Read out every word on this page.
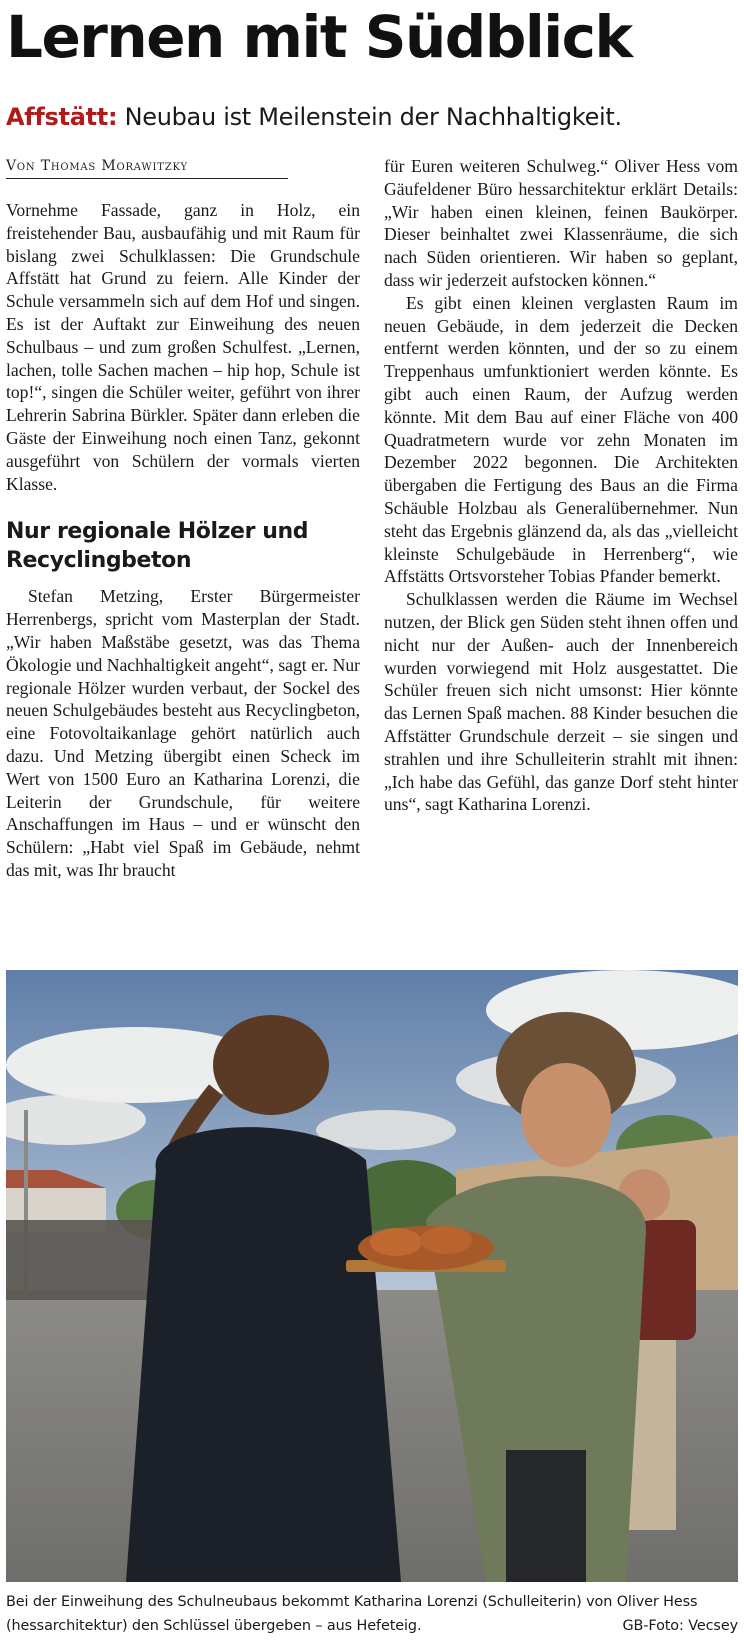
Lernen mit Südblick
Affstätt: Neubau ist Meilenstein der Nachhaltigkeit.
Von Thomas Morawitzky

Vornehme Fassade, ganz in Holz, ein freistehender Bau, ausbaufähig und mit Raum für bislang zwei Schulklassen: Die Grundschule Affstätt hat Grund zu feiern. Alle Kinder der Schule versammeln sich auf dem Hof und singen. Es ist der Auftakt zur Einweihung des neuen Schulbaus – und zum großen Schulfest. „Lernen, lachen, tolle Sachen machen – hip hop, Schule ist top!“, singen die Schüler weiter, geführt von ihrer Lehrerin Sabrina Bürkler. Später dann erleben die Gäste der Einweihung noch einen Tanz, gekonnt ausgeführt von Schülern der vormals vierten Klasse.

Nur regionale Hölzer und Recyclingbeton

Stefan Metzing, Erster Bürgermeister Herrenbergs, spricht vom Masterplan der Stadt. „Wir haben Maßstäbe gesetzt, was das Thema Ökologie und Nachhaltigkeit angeht“, sagt er. Nur regionale Hölzer wurden verbaut, der Sockel des neuen Schulgebäudes besteht aus Recyclingbeton, eine Fotovoltaikanlage gehört natürlich auch dazu. Und Metzing übergibt einen Scheck im Wert von 1500 Euro an Katharina Lorenzi, die Leiterin der Grundschule, für weitere Anschaffungen im Haus – und er wünscht den Schülern: „Habt viel Spaß im Gebäude, nehmt das mit, was Ihr braucht

für Euren weiteren Schulweg.“ Oliver Hess vom Gäufeldener Büro hessarchitektur erklärt Details: „Wir haben einen kleinen, feinen Baukörper. Dieser beinhaltet zwei Klassenräume, die sich nach Süden orientieren. Wir haben so geplant, dass wir jederzeit aufstocken können.“

Es gibt einen kleinen verglasten Raum im neuen Gebäude, in dem jederzeit die Decken entfernt werden könnten, und der so zu einem Treppenhaus umfunktioniert werden könnte. Es gibt auch einen Raum, der Aufzug werden könnte. Mit dem Bau auf einer Fläche von 400 Quadratmetern wurde vor zehn Monaten im Dezember 2022 begonnen. Die Architekten übergaben die Fertigung des Baus an die Firma Schäuble Holzbau als Generalübernehmer. Nun steht das Ergebnis glänzend da, als das „vielleicht kleinste Schulgebäude in Herrenberg“, wie Affstätts Ortsvorsteher Tobias Pfander bemerkt.

Schulklassen werden die Räume im Wechsel nutzen, der Blick gen Süden steht ihnen offen und nicht nur der Außen- auch der Innenbereich wurden vorwiegend mit Holz ausgestattet. Die Schüler freuen sich nicht umsonst: Hier könnte das Lernen Spaß machen. 88 Kinder besuchen die Affstätter Grundschule derzeit – sie singen und strahlen und ihre Schulleiterin strahlt mit ihnen: „Ich habe das Gefühl, das ganze Dorf steht hinter uns“, sagt Katharina Lorenzi.

Bei der Einweihung des Schulneubaus bekommt Katharina Lorenzi (Schulleiterin) von Oliver Hess (hessarchitektur) den Schlüssel übergeben – aus Hefeteig.	GB-Foto: Vecsey
